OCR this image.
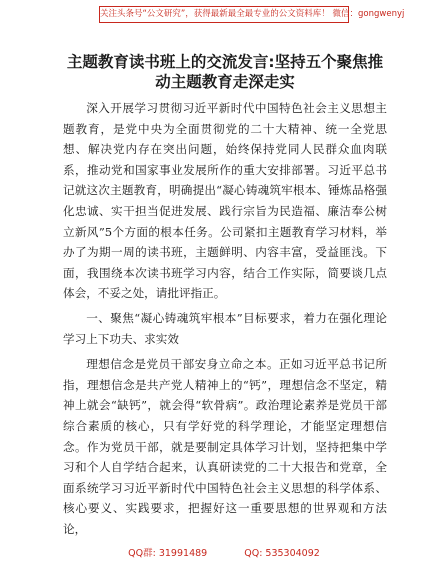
关注头条号“公文研究”，获得最新最全最专业的公文资料库！ 微信：gongwenyj
主题教育读书班上的交流发言:坚持五个聚焦推
动主题教育走深走实

深入开展学习贯彻习近平新时代中国特色社会主义思想主题教育，是党中央为全面贯彻党的二十大精神、统一全党思想、解决党内存在突出问题，始终保持党同人民群众血肉联系，推动党和国家事业发展所作的重大安排部署。习近平总书记就这次主题教育，明确提出“凝心铸魂筑牢根本、锤炼品格强化忠诚、实干担当促进发展、践行宗旨为民造福、廉洁奉公树立新风”5个方面的根本任务。公司紧扣主题教育学习材料，举办了为期一周的读书班，主题鲜明、内容丰富，受益匪浅。下面，我围绕本次读书班学习内容，结合工作实际，简要谈几点体会，不妥之处，请批评指正。

一、聚焦“凝心铸魂筑牢根本”目标要求，着力在强化理论学习上下功夫、求实效

理想信念是党员干部安身立命之本。正如习近平总书记所指，理想信念是共产党人精神上的“钙”，理想信念不坚定，精神上就会“缺钙”，就会得“软骨病”。政治理论素养是党员干部综合素质的核心，只有学好党的科学理论，才能坚定理想信念。作为党员干部，就是要制定具体学习计划，坚持把集中学习和个人自学结合起来，认真研读党的二十大报告和党章，全面系统学习习近平新时代中国特色社会主义思想的科学体系、核心要义、实践要求，把握好这一重要思想的世界观和方法论，

QQ群: 31991489	QQ: 535304092
